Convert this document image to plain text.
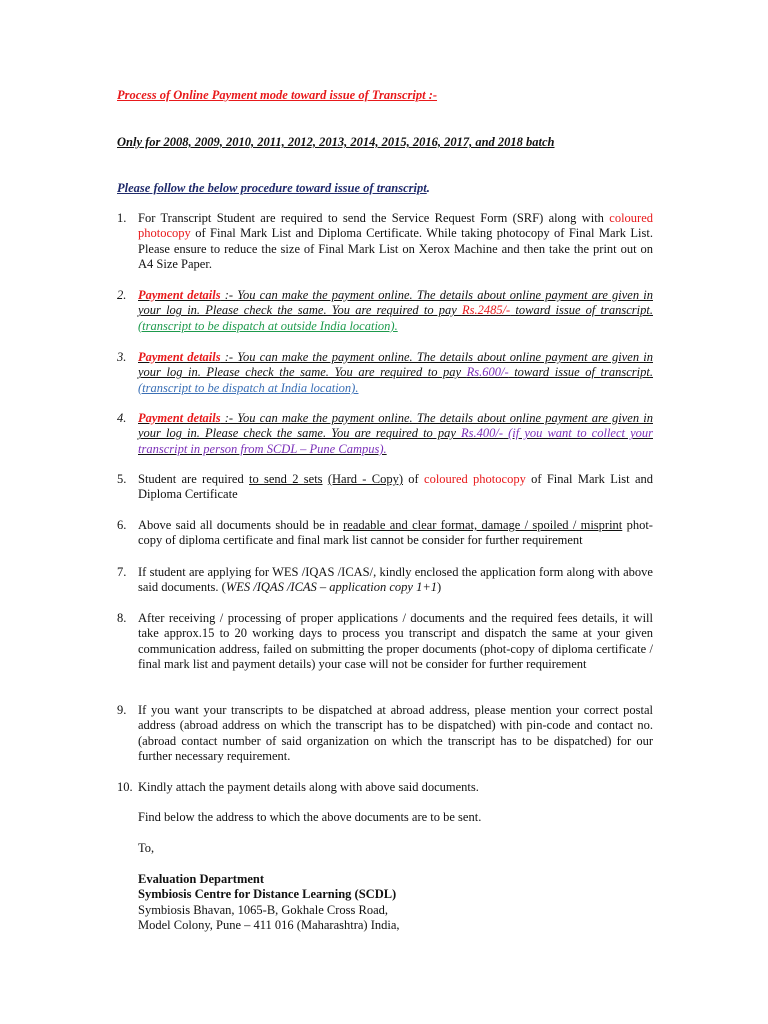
Process of Online Payment mode toward issue of Transcript :-
Only for 2008, 2009, 2010, 2011, 2012, 2013, 2014, 2015, 2016, 2017, and 2018 batch
Please follow the below procedure toward issue of transcript.
1. For Transcript Student are required to send the Service Request Form (SRF) along with coloured photocopy of Final Mark List and Diploma Certificate. While taking photocopy of Final Mark List. Please ensure to reduce the size of Final Mark List on Xerox Machine and then take the print out on A4 Size Paper.
2. Payment details :- You can make the payment online. The details about online payment are given in your log in. Please check the same. You are required to pay Rs.2485/- toward issue of transcript.
(transcript to be dispatch at outside India location).
3. Payment details :- You can make the payment online. The details about online payment are given in your log in. Please check the same. You are required to pay Rs.600/- toward issue of transcript.
(transcript to be dispatch at India location).
4. Payment details :- You can make the payment online. The details about online payment are given in your log in. Please check the same. You are required to pay Rs.400/- (if you want to collect your transcript in person from SCDL – Pune Campus).
5. Student are required to send 2 sets (Hard - Copy) of coloured photocopy of Final Mark List and Diploma Certificate
6. Above said all documents should be in readable and clear format, damage / spoiled / misprint phot-copy of diploma certificate and final mark list cannot be consider for further requirement
7. If student are applying for WES /IQAS /ICAS/, kindly enclosed the application form along with above said documents. (WES /IQAS /ICAS – application copy 1+1)
8. After receiving / processing of proper applications / documents and the required fees details, it will take approx.15 to 20 working days to process you transcript and dispatch the same at your given communication address, failed on submitting the proper documents (phot-copy of diploma certificate / final mark list and payment details) your case will not be consider for further requirement
9. If you want your transcripts to be dispatched at abroad address, please mention your correct postal address (abroad address on which the transcript has to be dispatched) with pin-code and contact no. (abroad contact number of said organization on which the transcript has to be dispatched) for our further necessary requirement.
10. Kindly attach the payment details along with above said documents.
Find below the address to which the above documents are to be sent.
To,
Evaluation Department
Symbiosis Centre for Distance Learning (SCDL)
Symbiosis Bhavan, 1065-B, Gokhale Cross Road,
Model Colony, Pune – 411 016 (Maharashtra) India,
